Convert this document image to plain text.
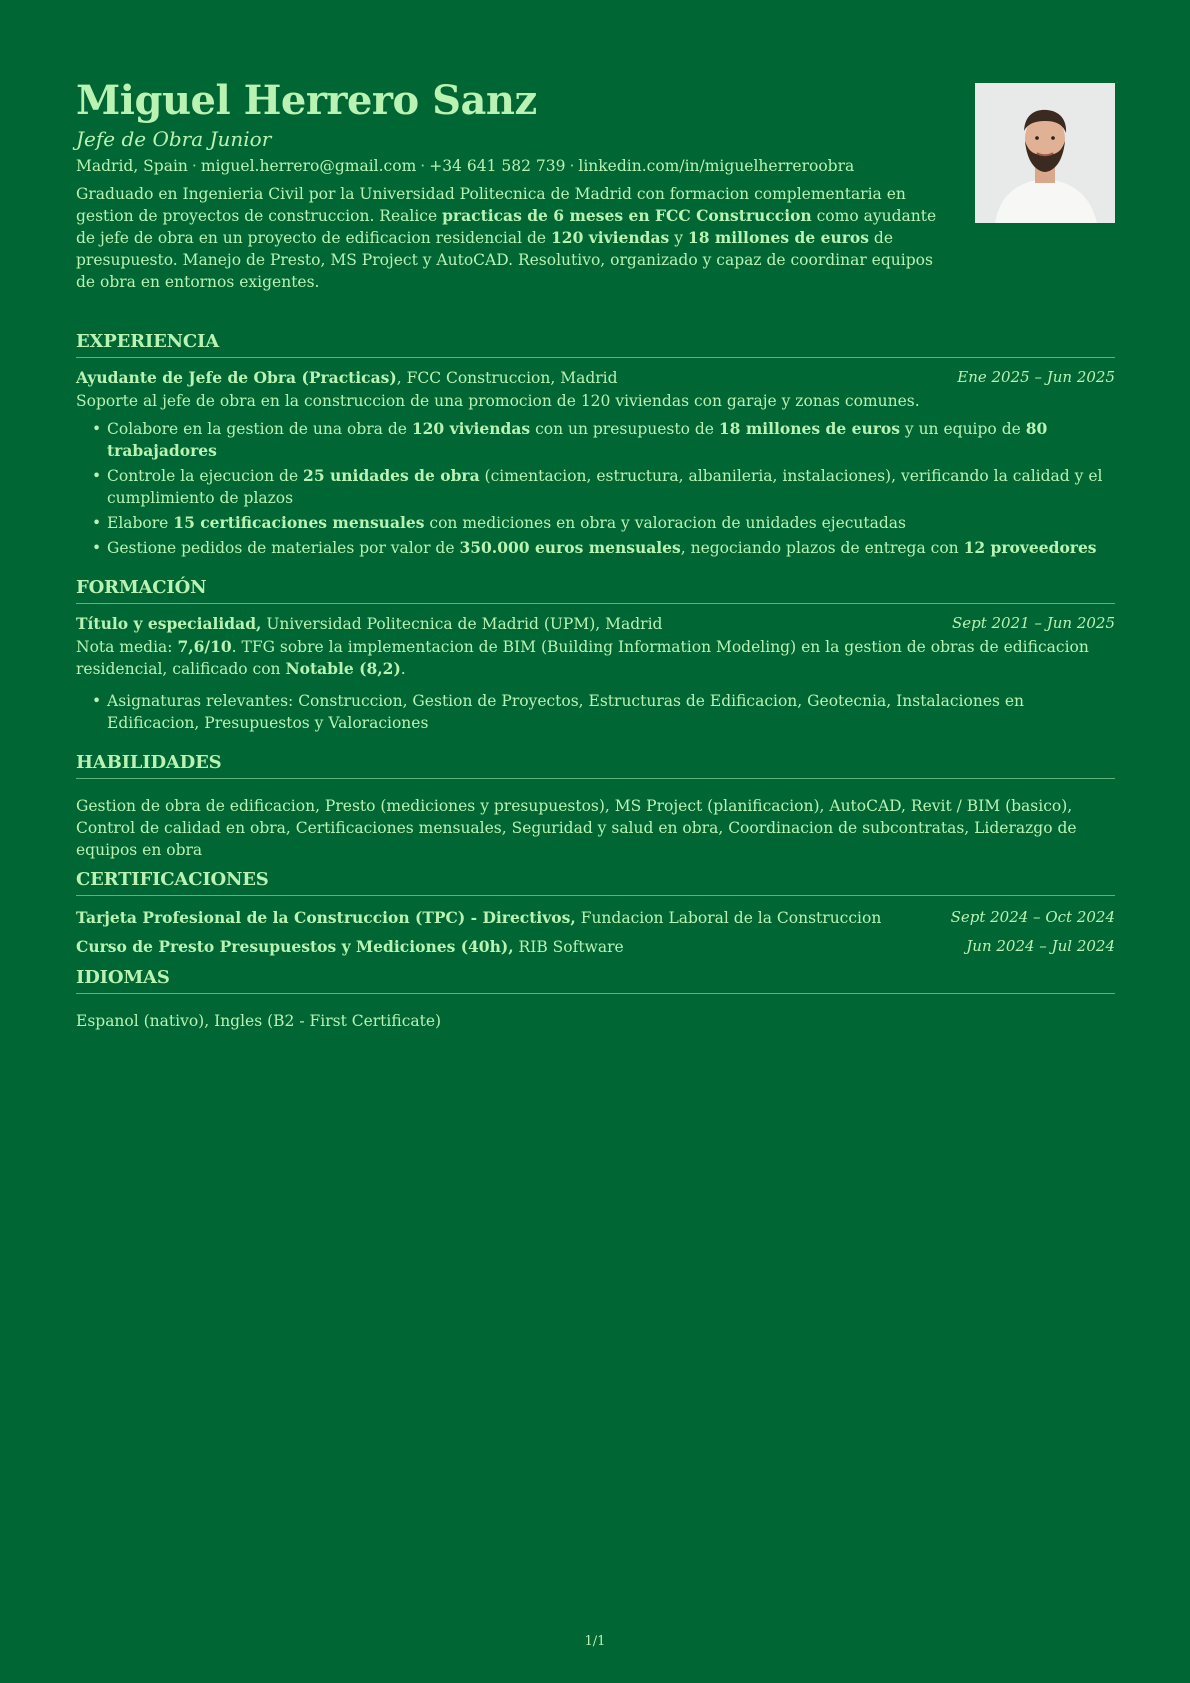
Miguel Herrero Sanz
Jefe de Obra Junior
Madrid, Spain · miguel.herrero@gmail.com · +34 641 582 739 · linkedin.com/in/miguelherreroobra
Graduado en Ingenieria Civil por la Universidad Politecnica de Madrid con formacion complementaria en gestion de proyectos de construccion. Realice practicas de 6 meses en FCC Construccion como ayudante de jefe de obra en un proyecto de edificacion residencial de 120 viviendas y 18 millones de euros de presupuesto. Manejo de Presto, MS Project y AutoCAD. Resolutivo, organizado y capaz de coordinar equipos de obra en entornos exigentes.
EXPERIENCIA
Ayudante de Jefe de Obra (Practicas), FCC Construccion, Madrid	Ene 2025 – Jun 2025
Soporte al jefe de obra en la construccion de una promocion de 120 viviendas con garaje y zonas comunes.
• Colabore en la gestion de una obra de 120 viviendas con un presupuesto de 18 millones de euros y un equipo de 80 trabajadores
• Controle la ejecucion de 25 unidades de obra (cimentacion, estructura, albanileria, instalaciones), verificando la calidad y el cumplimiento de plazos
• Elabore 15 certificaciones mensuales con mediciones en obra y valoracion de unidades ejecutadas
• Gestione pedidos de materiales por valor de 350.000 euros mensuales, negociando plazos de entrega con 12 proveedores
FORMACIÓN
Título y especialidad, Universidad Politecnica de Madrid (UPM), Madrid	Sept 2021 – Jun 2025
Nota media: 7,6/10. TFG sobre la implementacion de BIM (Building Information Modeling) en la gestion de obras de edificacion residencial, calificado con Notable (8,2).
• Asignaturas relevantes: Construccion, Gestion de Proyectos, Estructuras de Edificacion, Geotecnia, Instalaciones en Edificacion, Presupuestos y Valoraciones
HABILIDADES
Gestion de obra de edificacion, Presto (mediciones y presupuestos), MS Project (planificacion), AutoCAD, Revit / BIM (basico), Control de calidad en obra, Certificaciones mensuales, Seguridad y salud en obra, Coordinacion de subcontratas, Liderazgo de equipos en obra
CERTIFICACIONES
Tarjeta Profesional de la Construccion (TPC) - Directivos, Fundacion Laboral de la Construccion	Sept 2024 – Oct 2024
Curso de Presto Presupuestos y Mediciones (40h), RIB Software	Jun 2024 – Jul 2024
IDIOMAS
Espanol (nativo), Ingles (B2 - First Certificate)
1/1
